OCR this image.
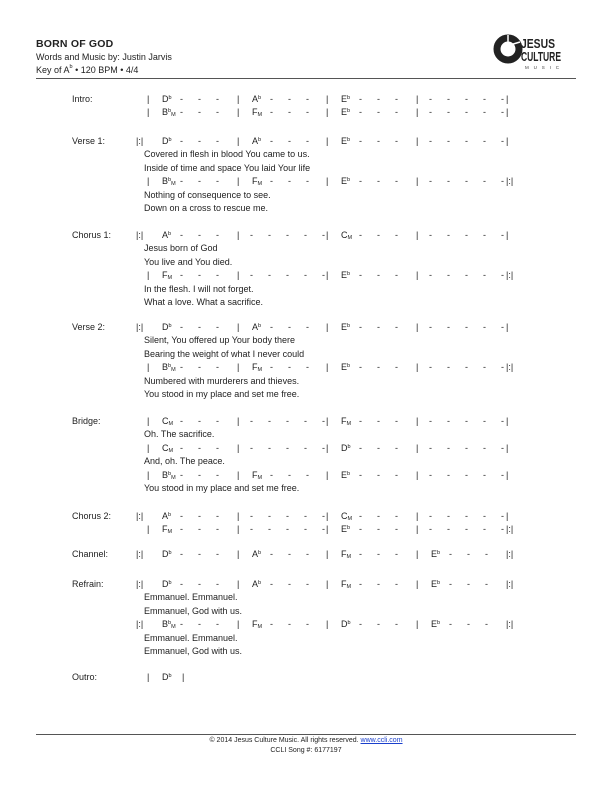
BORN OF GOD
Words and Music by: Justin Jarvis
Key of $A^b$ • 120 BPM • 4/4
JESUS
CULTURE
M U S I C
Intro:	| $D^b$ - - - | $A^b$ - - - | $E^b$ - - - | - - - - - |
| $B^b_M$ - - - | $F_M$ - - - | $E^b$ - - - | - - - - - |
Verse 1:	|:| $D^b$ - - - | $A^b$ - - - | $E^b$ - - - | - - - - - |
Covered in flesh in blood You came to us.
Inside of time and space You laid Your life
| $B^b_M$ - - - | $F_M$ - - - | $E^b$ - - - | - - - - - |:|
Nothing of consequence to see.
Down on a cross to rescue me.
Chorus 1:	|:| $A^b$ - - - | - - - - - | $C_M$ - - - | - - - - - |
Jesus born of God
You live and You died.
| $F_M$ - - - | - - - - - | $E^b$ - - - | - - - - - |:|
In the flesh. I will not forget.
What a love. What a sacrifice.
Verse 2:	|:| $D^b$ - - - | $A^b$ - - - | $E^b$ - - - | - - - - - |
Silent, You offered up Your body there
Bearing the weight of what I never could
| $B^b_M$ - - - | $F_M$ - - - | $E^b$ - - - | - - - - - |:|
Numbered with murderers and thieves.
You stood in my place and set me free.
Bridge:	| $C_M$ - - - | - - - - - | $F_M$ - - - | - - - - - |
Oh. The sacrifice.
| $C_M$ - - - | - - - - - | $D^b$ - - - | - - - - - |
And, oh. The peace.
| $B^b_M$ - - - | $F_M$ - - - | $E^b$ - - - | - - - - - |
You stood in my place and set me free.
Chorus 2:	|:| $A^b$ - - - | - - - - - | $C_M$ - - - | - - - - - |
| $F_M$ - - - | - - - - - | $E^b$ - - - | - - - - - |:|
Channel:	|:| $D^b$ - - - | $A^b$ - - - | $F_M$ - - - | $E^b$ - - - |:|
Refrain:	|:| $D^b$ - - - | $A^b$ - - - | $F_M$ - - - | $E^b$ - - - |:|
Emmanuel. Emmanuel.
Emmanuel, God with us.
|:| $B^b_M$ - - - | $F_M$ - - - | $D^b$ - - - | $E^b$ - - - |:|
Emmanuel. Emmanuel.
Emmanuel, God with us.
Outro:	| $D^b$ |
© 2014 Jesus Culture Music. All rights reserved. www.ccli.com
CCLI Song #: 6177197
